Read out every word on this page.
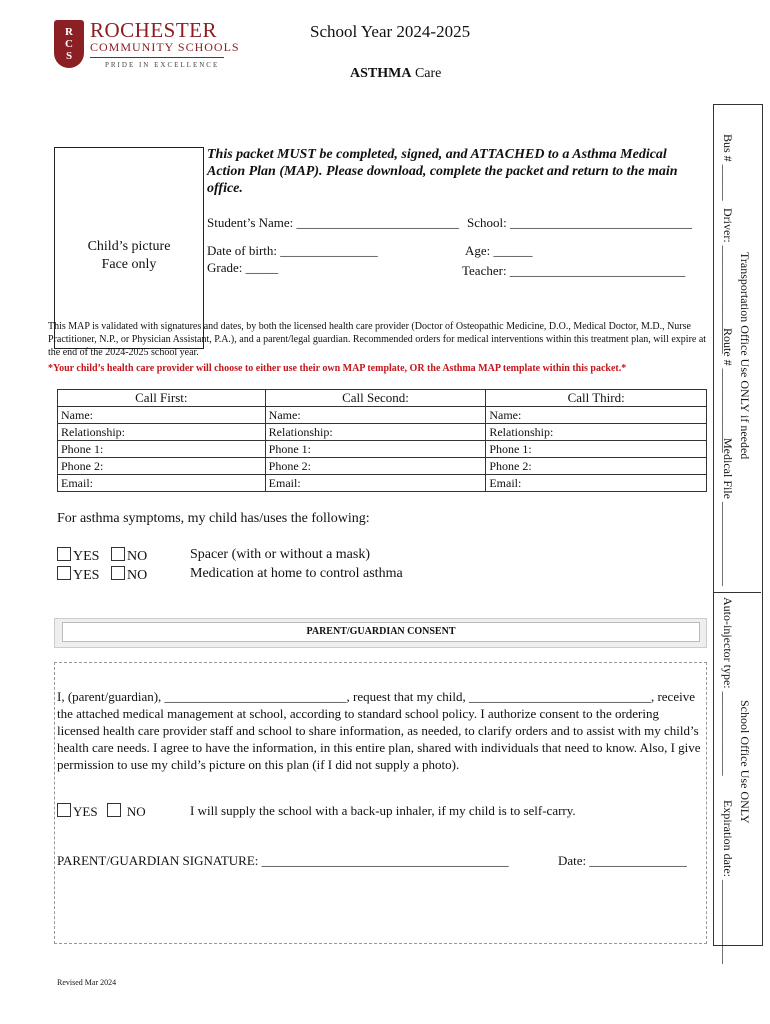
RCS ROCHESTER
COMMUNITY SCHOOLS
PRIDE IN EXCELLENCE
School Year 2024-2025
ASTHMA Care
Child’s picture
Face only
This packet MUST be completed, signed, and ATTACHED to a Asthma Medical Action Plan (MAP). Please download, complete the packet and return to the main office.
Student’s Name: _________________________ School: ____________________________
Date of birth: _______________	Age: ______
Grade: _____	Teacher: ___________________________
This MAP is validated with signatures and dates, by both the licensed health care provider (Doctor of Osteopathic Medicine, D.O., Medical Doctor, M.D., Nurse Practitioner, N.P., or Physician Assistant, P.A.), and a parent/legal guardian. Recommended orders for medical interventions within this treatment plan, will expire at the end of the 2024-2025 school year.
*Your child’s health care provider will choose to either use their own MAP template, OR the Asthma MAP template within this packet.*
Call First:	Call Second:	Call Third:
Name:	Name:	Name:
Relationship:	Relationship:	Relationship:
Phone 1:	Phone 1:	Phone 1:
Phone 2:	Phone 2:	Phone 2:
Email:	Email:	Email:
For asthma symptoms, my child has/uses the following:
YES NO	Spacer (with or without a mask)
YES NO	Medication at home to control asthma
PARENT/GUARDIAN CONSENT
I, (parent/guardian), ____________________________, request that my child, ____________________________, receive the attached medical management at school, according to standard school policy. I authorize consent to the ordering licensed health care provider staff and school to share information, as needed, to clarify orders and to assist with my child’s health care needs. I agree to have the information, in this entire plan, shared with individuals that need to know. Also, I give permission to use my child’s picture on this plan (if I did not supply a photo).
YES NO	I will supply the school with a back-up inhaler, if my child is to self-carry.
PARENT/GUARDIAN SIGNATURE: ______________________________________	Date: _______________
Bus # ______
Driver: __________________
Route # ______________
Medical File ______________
Transportation Office Use ONLY if needed
Auto-injector type: ______________
Expiration date: ______________
School Office Use ONLY
Revised Mar 2024
